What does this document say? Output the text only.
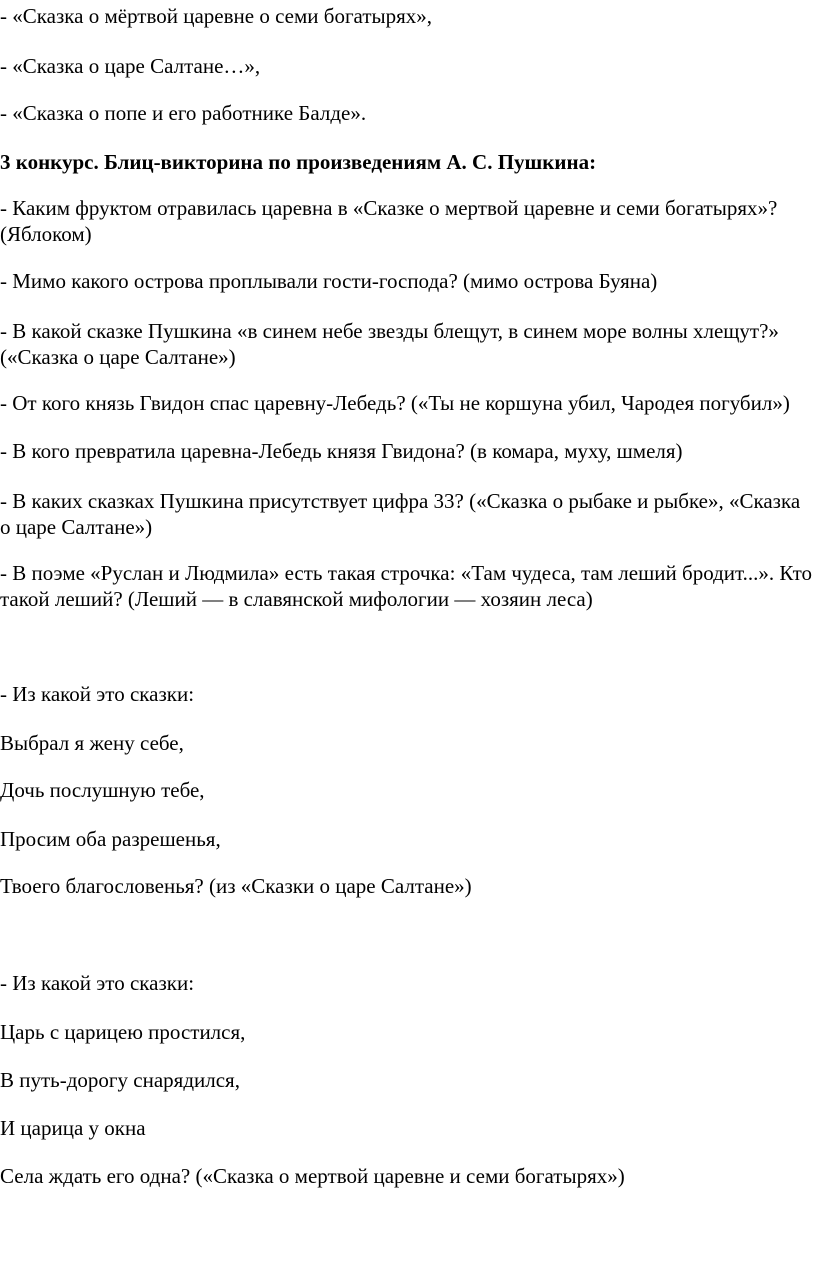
- «Сказка о мёртвой царевне о семи богатырях»,
- «Сказка о царе Салтане…»,
- «Сказка о попе и его работнике Балде».
3 конкурс. Блиц-викторина по произведениям А. С. Пушкина:
- Каким фруктом отравилась царевна в «Сказке о мертвой царевне и семи богатырях»? (Яблоком)
- Мимо какого острова проплывали гости-господа? (мимо острова Буяна)
- В какой сказке Пушкина «в синем небе звезды блещут, в синем море волны хлещут?» («Сказка о царе Салтане»)
- От кого князь Гвидон спас царевну-Лебедь? («Ты не коршуна убил, Чародея погубил»)
- В кого превратила царевна-Лебедь князя Гвидона? (в комара, муху, шмеля)
- В каких сказках Пушкина присутствует цифра 33? («Сказка о рыбаке и рыбке», «Сказка о царе Салтане»)
- В поэме «Руслан и Людмила» есть такая строчка: «Там чудеса, там леший бродит...». Кто такой леший? (Леший — в славянской мифологии — хозяин леса)
- Из какой это сказки:
Выбрал я жену себе,
Дочь послушную тебе,
Просим оба разрешенья,
Твоего благословенья? (из «Сказки о царе Салтане»)
- Из какой это сказки:
Царь с царицею простился,
В путь-дорогу снарядился,
И царица у окна
Села ждать его одна? («Сказка о мертвой царевне и семи богатырях»)
